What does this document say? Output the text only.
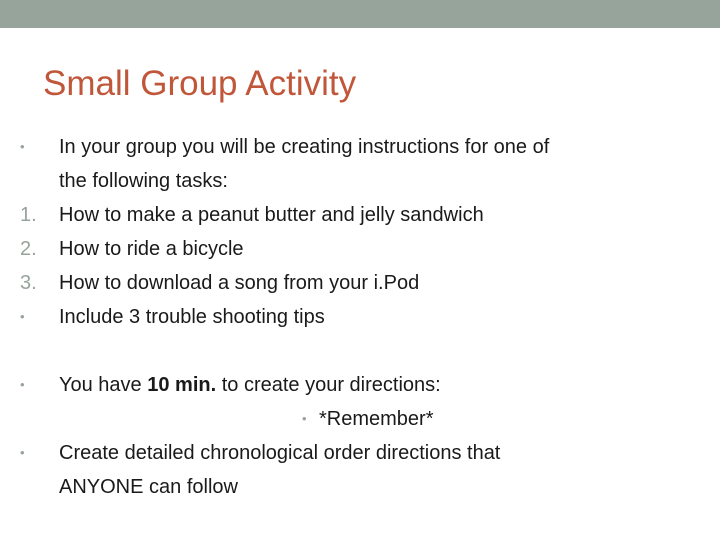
Small Group Activity
• In your group you will be creating instructions for one of
the following tasks:
1. How to make a peanut butter and jelly sandwich
2. How to ride a bicycle
3. How to download a song from your i.Pod
• Include 3 trouble shooting tips
• You have 10 min. to create your directions:
• *Remember*
• Create detailed chronological order directions that
ANYONE can follow
